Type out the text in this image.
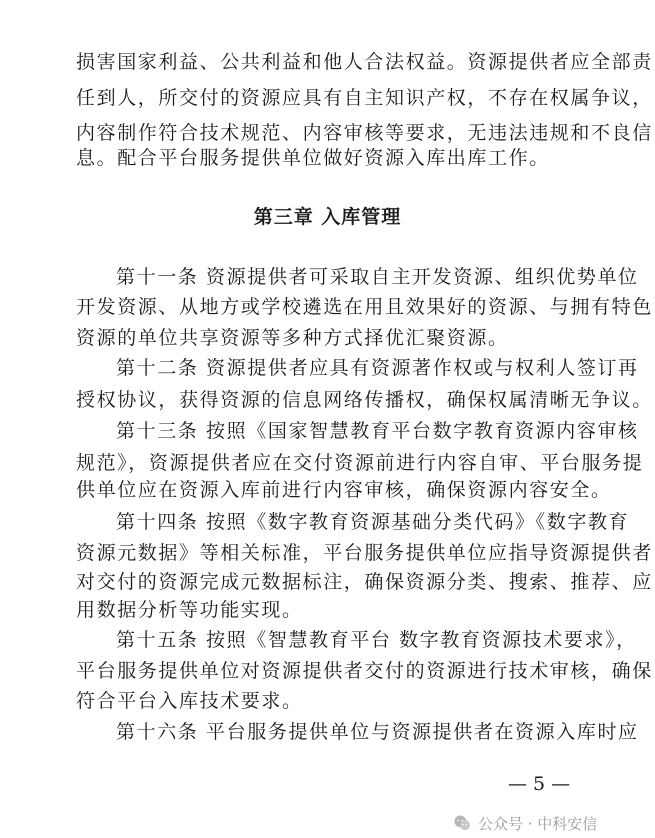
损害国家利益、公共利益和他人合法权益。资源提供者应全部责
任到人，所交付的资源应具有自主知识产权，不存在权属争议，
内容制作符合技术规范、内容审核等要求，无违法违规和不良信
息。配合平台服务提供单位做好资源入库出库工作。
第三章 入库管理
第十一条 资源提供者可采取自主开发资源、组织优势单位
开发资源、从地方或学校遴选在用且效果好的资源、与拥有特色
资源的单位共享资源等多种方式择优汇聚资源。
第十二条 资源提供者应具有资源著作权或与权利人签订再
授权协议，获得资源的信息网络传播权，确保权属清晰无争议。
第十三条 按照《国家智慧教育平台数字教育资源内容审核
规范》，资源提供者应在交付资源前进行内容自审、平台服务提
供单位应在资源入库前进行内容审核，确保资源内容安全。
第十四条 按照《数字教育资源基础分类代码》《数字教育
资源元数据》等相关标准，平台服务提供单位应指导资源提供者
对交付的资源完成元数据标注，确保资源分类、搜索、推荐、应
用数据分析等功能实现。
第十五条 按照《智慧教育平台 数字教育资源技术要求》，
平台服务提供单位对资源提供者交付的资源进行技术审核，确保
符合平台入库技术要求。
第十六条 平台服务提供单位与资源提供者在资源入库时应
— 5 —
公众号 · 中科安信
